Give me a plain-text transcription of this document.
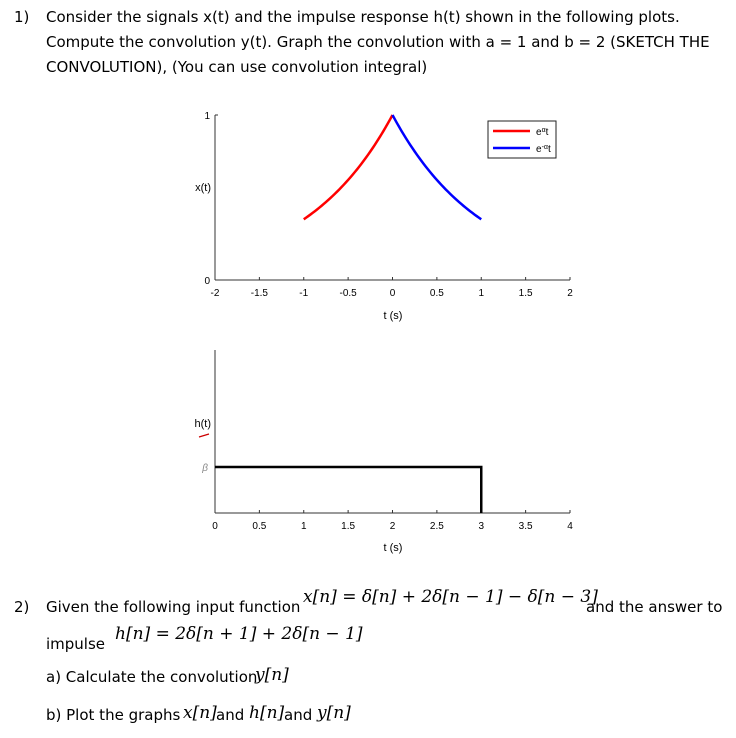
1) Consider the signals x(t) and the impulse response h(t) shown in the following plots.
Compute the convolution y(t). Graph the convolution with a = 1 and b = 2 (SKETCH THE
CONVOLUTION), (You can use convolution integral)
-2	-1.5	-1	-0.5	0	0.5	1	1.5	2
0
1
$e^\alpha t$
$e^{-\alpha}t$
t (s)
x(t)
0	0.5	1	1.5	2	2.5	3	3.5	4
t (s)
h(t)
β
2) Given the following input function x[n] = δ[n] + 2δ[n − 1] − δ[n − 3]
and the answer to
impulse h[n] = 2δ[n + 1] + 2δ[n − 1]
a) Calculate the convolution
y[n]
b) Plot the graphs x[n] and h[n] and y[n]
